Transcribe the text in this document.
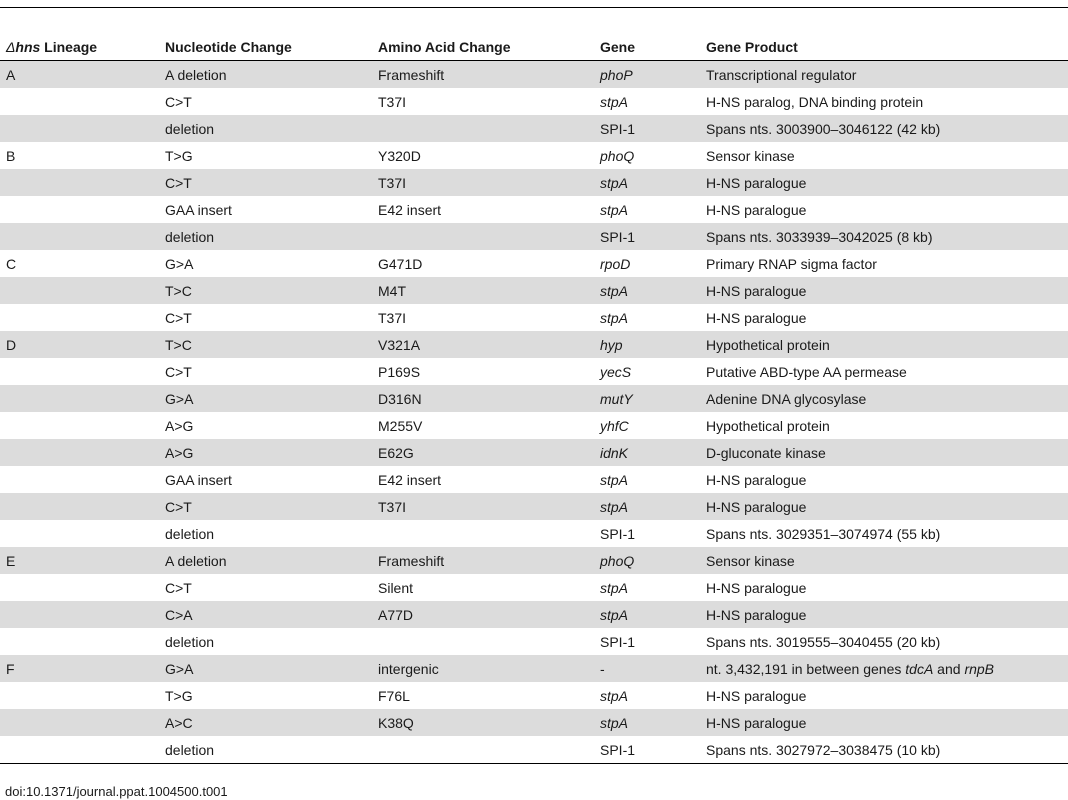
Δhns Lineage	Nucleotide Change	Amino Acid Change	Gene	Gene Product
A	A deletion	Frameshift	phoP	Transcriptional regulator
	C>T	T37I	stpA	H-NS paralog, DNA binding protein
	deletion		SPI-1	Spans nts. 3003900–3046122 (42 kb)
B	T>G	Y320D	phoQ	Sensor kinase
	C>T	T37I	stpA	H-NS paralogue
	GAA insert	E42 insert	stpA	H-NS paralogue
	deletion		SPI-1	Spans nts. 3033939–3042025 (8 kb)
C	G>A	G471D	rpoD	Primary RNAP sigma factor
	T>C	M4T	stpA	H-NS paralogue
	C>T	T37I	stpA	H-NS paralogue
D	T>C	V321A	hyp	Hypothetical protein
	C>T	P169S	yecS	Putative ABD-type AA permease
	G>A	D316N	mutY	Adenine DNA glycosylase
	A>G	M255V	yhfC	Hypothetical protein
	A>G	E62G	idnK	D-gluconate kinase
	GAA insert	E42 insert	stpA	H-NS paralogue
	C>T	T37I	stpA	H-NS paralogue
	deletion		SPI-1	Spans nts. 3029351–3074974 (55 kb)
E	A deletion	Frameshift	phoQ	Sensor kinase
	C>T	Silent	stpA	H-NS paralogue
	C>A	A77D	stpA	H-NS paralogue
	deletion		SPI-1	Spans nts. 3019555–3040455 (20 kb)
F	G>A	intergenic	-	nt. 3,432,191 in between genes tdcA and rnpB
	T>G	F76L	stpA	H-NS paralogue
	A>C	K38Q	stpA	H-NS paralogue
	deletion		SPI-1	Spans nts. 3027972–3038475 (10 kb)
doi:10.1371/journal.ppat.1004500.t001
